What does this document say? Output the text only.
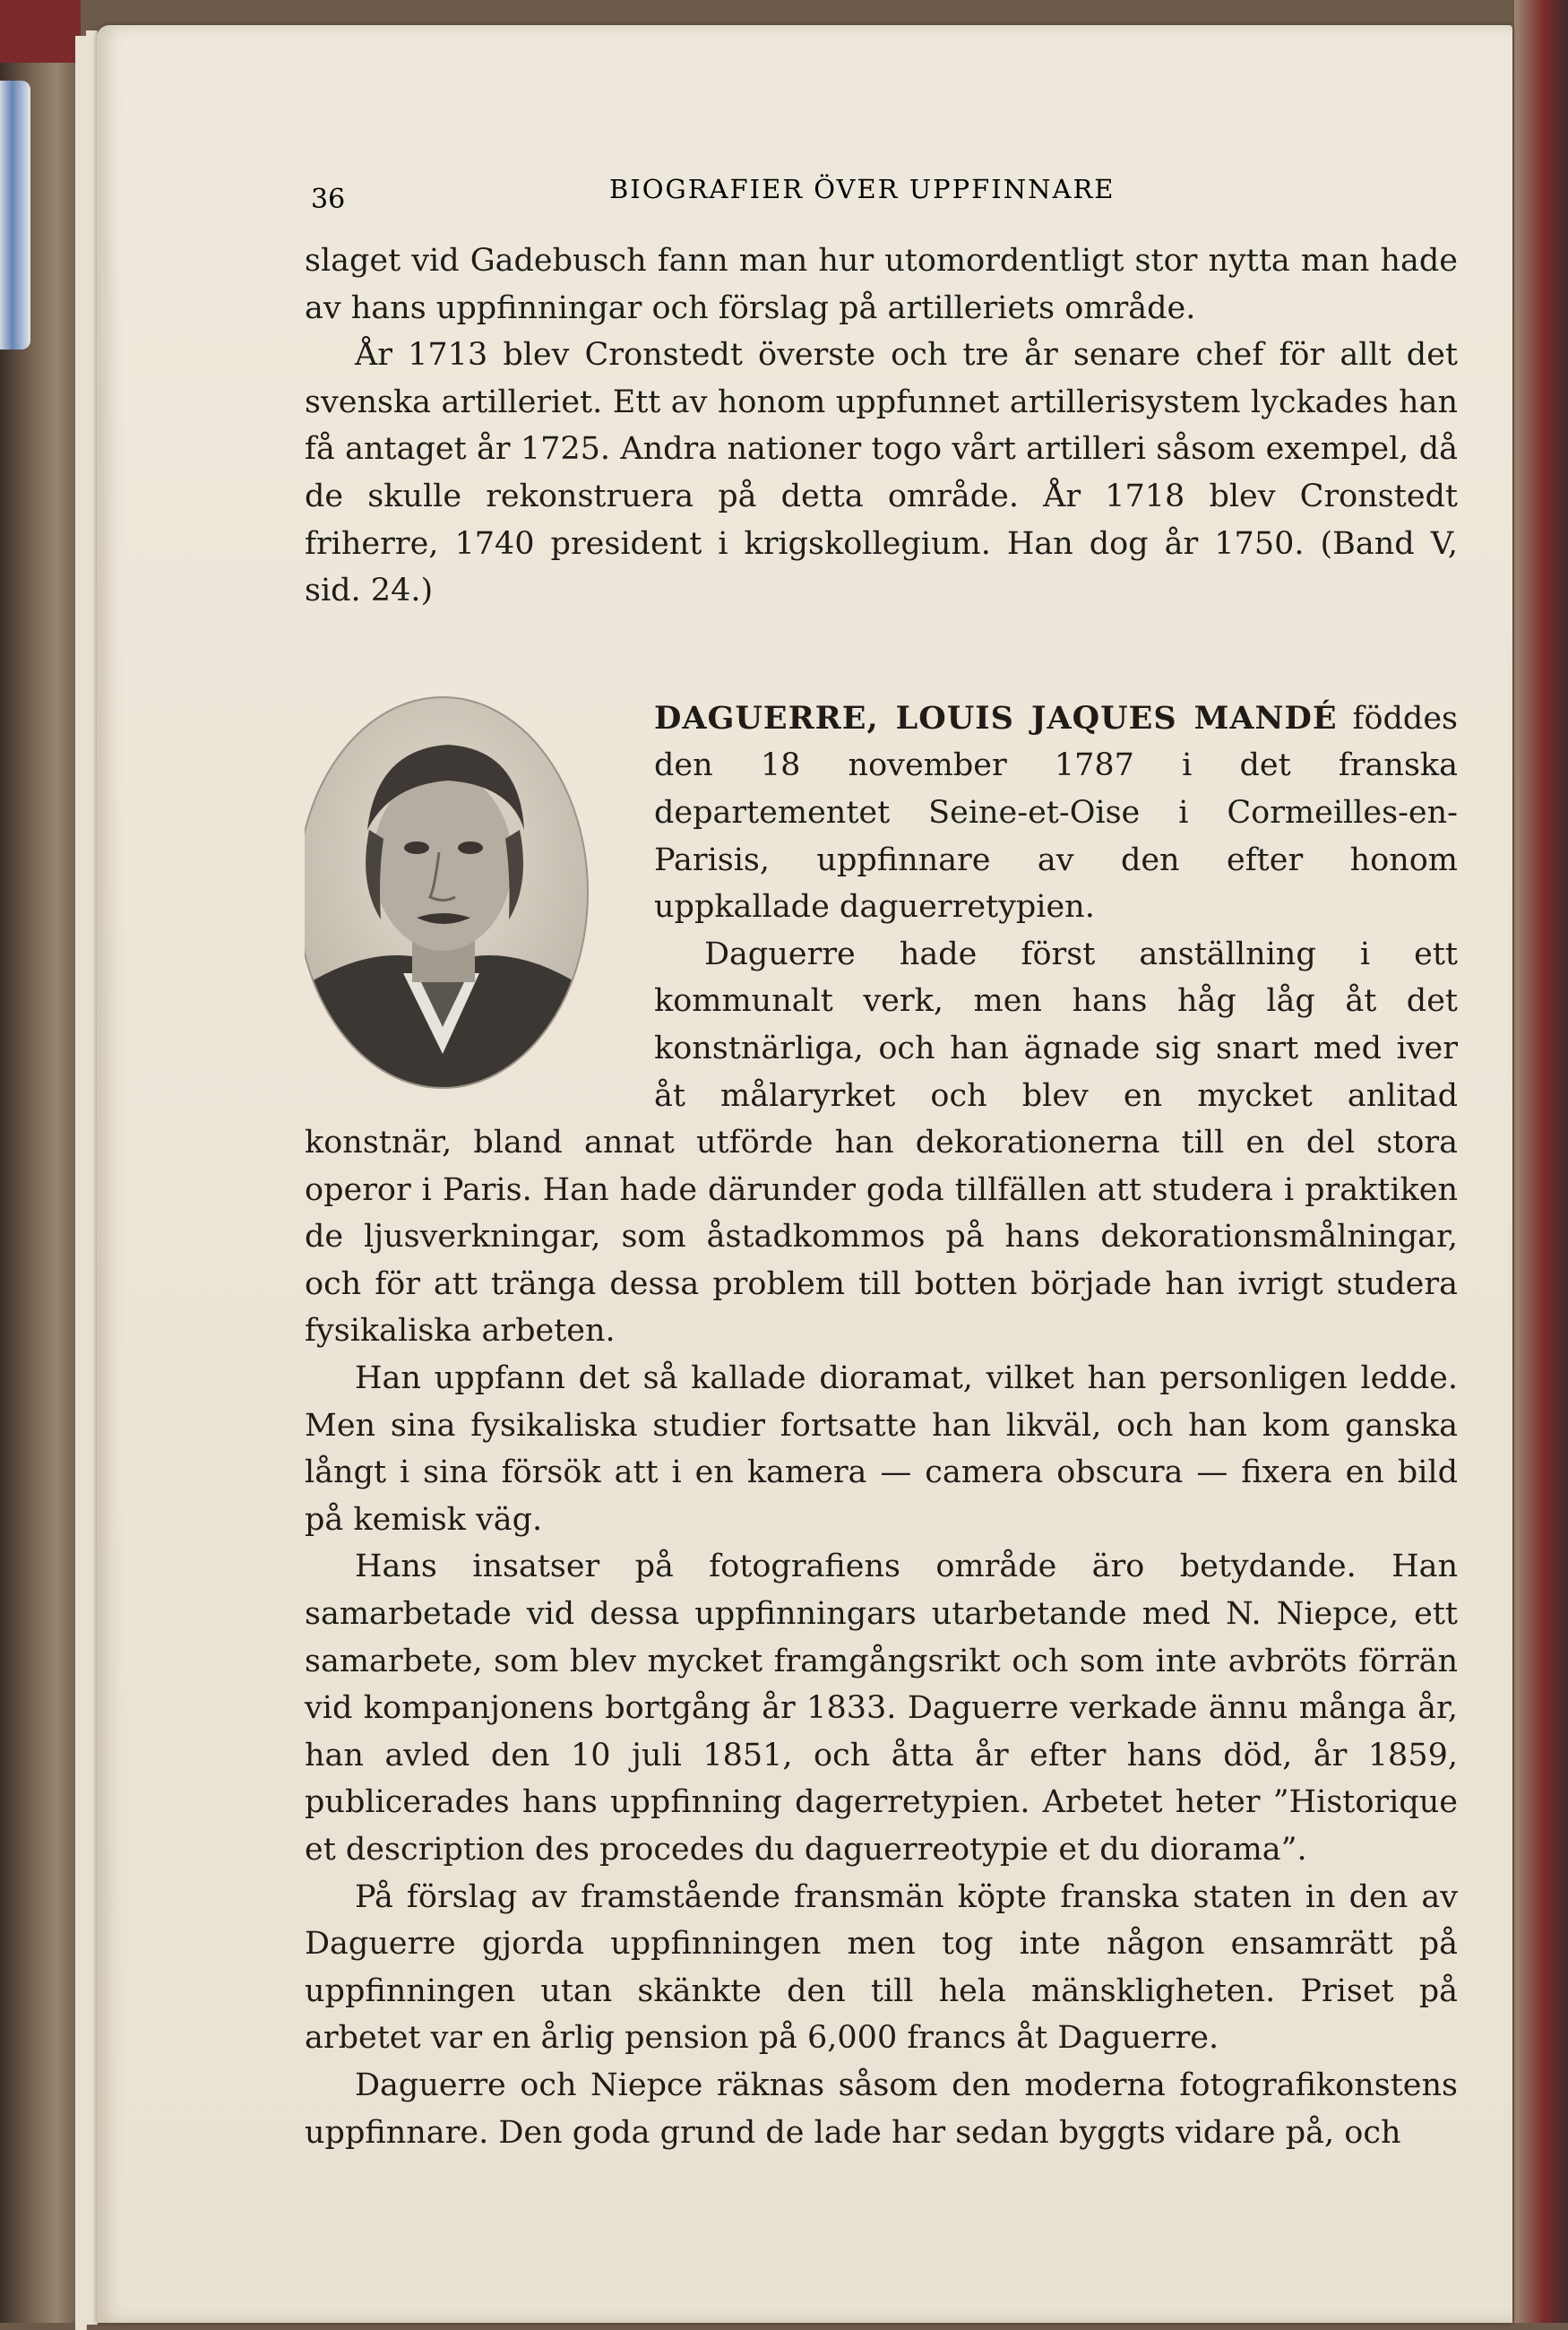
36	BIOGRAFIER ÖVER UPPFINNARE

slaget vid Gadebusch fann man hur utomordentligt stor nytta man hade av hans uppfinningar och förslag på artilleriets område.

År 1713 blev Cronstedt överste och tre år senare chef för allt det svenska artilleriet. Ett av honom uppfunnet artillerisystem lyckades han få antaget år 1725. Andra nationer togo vårt artilleri såsom exempel, då de skulle rekonstruera på detta område. År 1718 blev Cronstedt friherre, 1740 president i krigskollegium. Han dog år 1750. (Band V, sid. 24.)

DAGUERRE, LOUIS JAQUES MANDÉ föddes den 18 november 1787 i det franska departementet Seine-et-Oise i Cormeilles-en-Parisis, uppfinnare av den efter honom uppkallade daguerretypien.

Daguerre hade först anställning i ett kommunalt verk, men hans håg låg åt det konstnärliga, och han ägnade sig snart med iver åt målaryrket och blev en mycket anlitad konstnär, bland annat utförde han dekorationerna till en del stora operor i Paris. Han hade därunder goda tillfällen att studera i praktiken de ljusverkningar, som åstadkommos på hans dekorationsmålningar, och för att tränga dessa problem till botten började han ivrigt studera fysikaliska arbeten.

Han uppfann det så kallade dioramat, vilket han personligen ledde. Men sina fysikaliska studier fortsatte han likväl, och han kom ganska långt i sina försök att i en kamera — camera obscura — fixera en bild på kemisk väg.

Hans insatser på fotografiens område äro betydande. Han samarbetade vid dessa uppfinningars utarbetande med N. Niepce, ett samarbete, som blev mycket framgångsrikt och som inte avbröts förrän vid kompanjonens bortgång år 1833. Daguerre verkade ännu många år, han avled den 10 juli 1851, och åtta år efter hans död, år 1859, publicerades hans uppfinning dagerretypien. Arbetet heter ”Historique et description des procedes du daguerreotypie et du diorama”.

På förslag av framstående fransmän köpte franska staten in den av Daguerre gjorda uppfinningen men tog inte någon ensamrätt på uppfinningen utan skänkte den till hela mänskligheten. Priset på arbetet var en årlig pension på 6,000 francs åt Daguerre.

Daguerre och Niepce räknas såsom den moderna fotografikonstens uppfinnare. Den goda grund de lade har sedan byggts vidare på, och
